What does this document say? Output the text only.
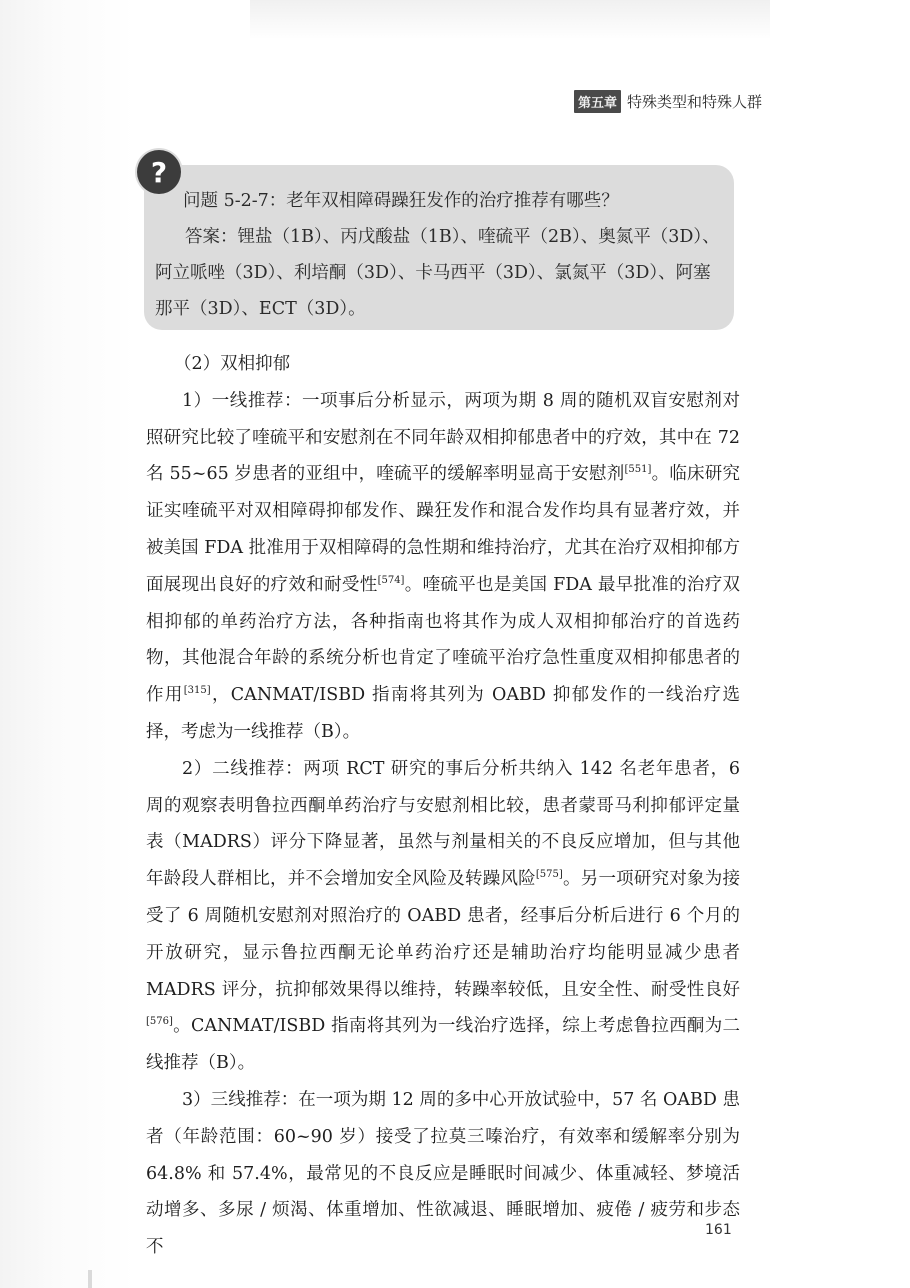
第五章 特殊类型和特殊人群
?

问题 5-2-7：老年双相障碍躁狂发作的治疗推荐有哪些？

答案：锂盐（1B）、丙戊酸盐（1B）、喹硫平（2B）、奥氮平（3D）、阿立哌唑（3D）、利培酮（3D）、卡马西平（3D）、氯氮平（3D）、阿塞那平（3D）、ECT（3D）。

（2）双相抑郁

1）一线推荐：一项事后分析显示，两项为期 8 周的随机双盲安慰剂对照研究比较了喹硫平和安慰剂在不同年龄双相抑郁患者中的疗效，其中在 72 名 55~65 岁患者的亚组中，喹硫平的缓解率明显高于安慰剂[551]。临床研究证实喹硫平对双相障碍抑郁发作、躁狂发作和混合发作均具有显著疗效，并被美国 FDA 批准用于双相障碍的急性期和维持治疗，尤其在治疗双相抑郁方面展现出良好的疗效和耐受性[574]。喹硫平也是美国 FDA 最早批准的治疗双相抑郁的单药治疗方法，各种指南也将其作为成人双相抑郁治疗的首选药物，其他混合年龄的系统分析也肯定了喹硫平治疗急性重度双相抑郁患者的作用[315]，CANMAT/ISBD 指南将其列为 OABD 抑郁发作的一线治疗选择，考虑为一线推荐（B）。

2）二线推荐：两项 RCT 研究的事后分析共纳入 142 名老年患者，6 周的观察表明鲁拉西酮单药治疗与安慰剂相比较，患者蒙哥马利抑郁评定量表（MADRS）评分下降显著，虽然与剂量相关的不良反应增加，但与其他年龄段人群相比，并不会增加安全风险及转躁风险[575]。另一项研究对象为接受了 6 周随机安慰剂对照治疗的 OABD 患者，经事后分析后进行 6 个月的开放研究，显示鲁拉西酮无论单药治疗还是辅助治疗均能明显减少患者 MADRS 评分，抗抑郁效果得以维持，转躁率较低，且安全性、耐受性良好[576]。CANMAT/ISBD 指南将其列为一线治疗选择，综上考虑鲁拉西酮为二线推荐（B）。

3）三线推荐：在一项为期 12 周的多中心开放试验中，57 名 OABD 患者（年龄范围：60~90 岁）接受了拉莫三嗪治疗，有效率和缓解率分别为 64.8% 和 57.4%，最常见的不良反应是睡眠时间减少、体重减轻、梦境活动增多、多尿 / 烦渴、体重增加、性欲减退、睡眠增加、疲倦 / 疲劳和步态不

161
